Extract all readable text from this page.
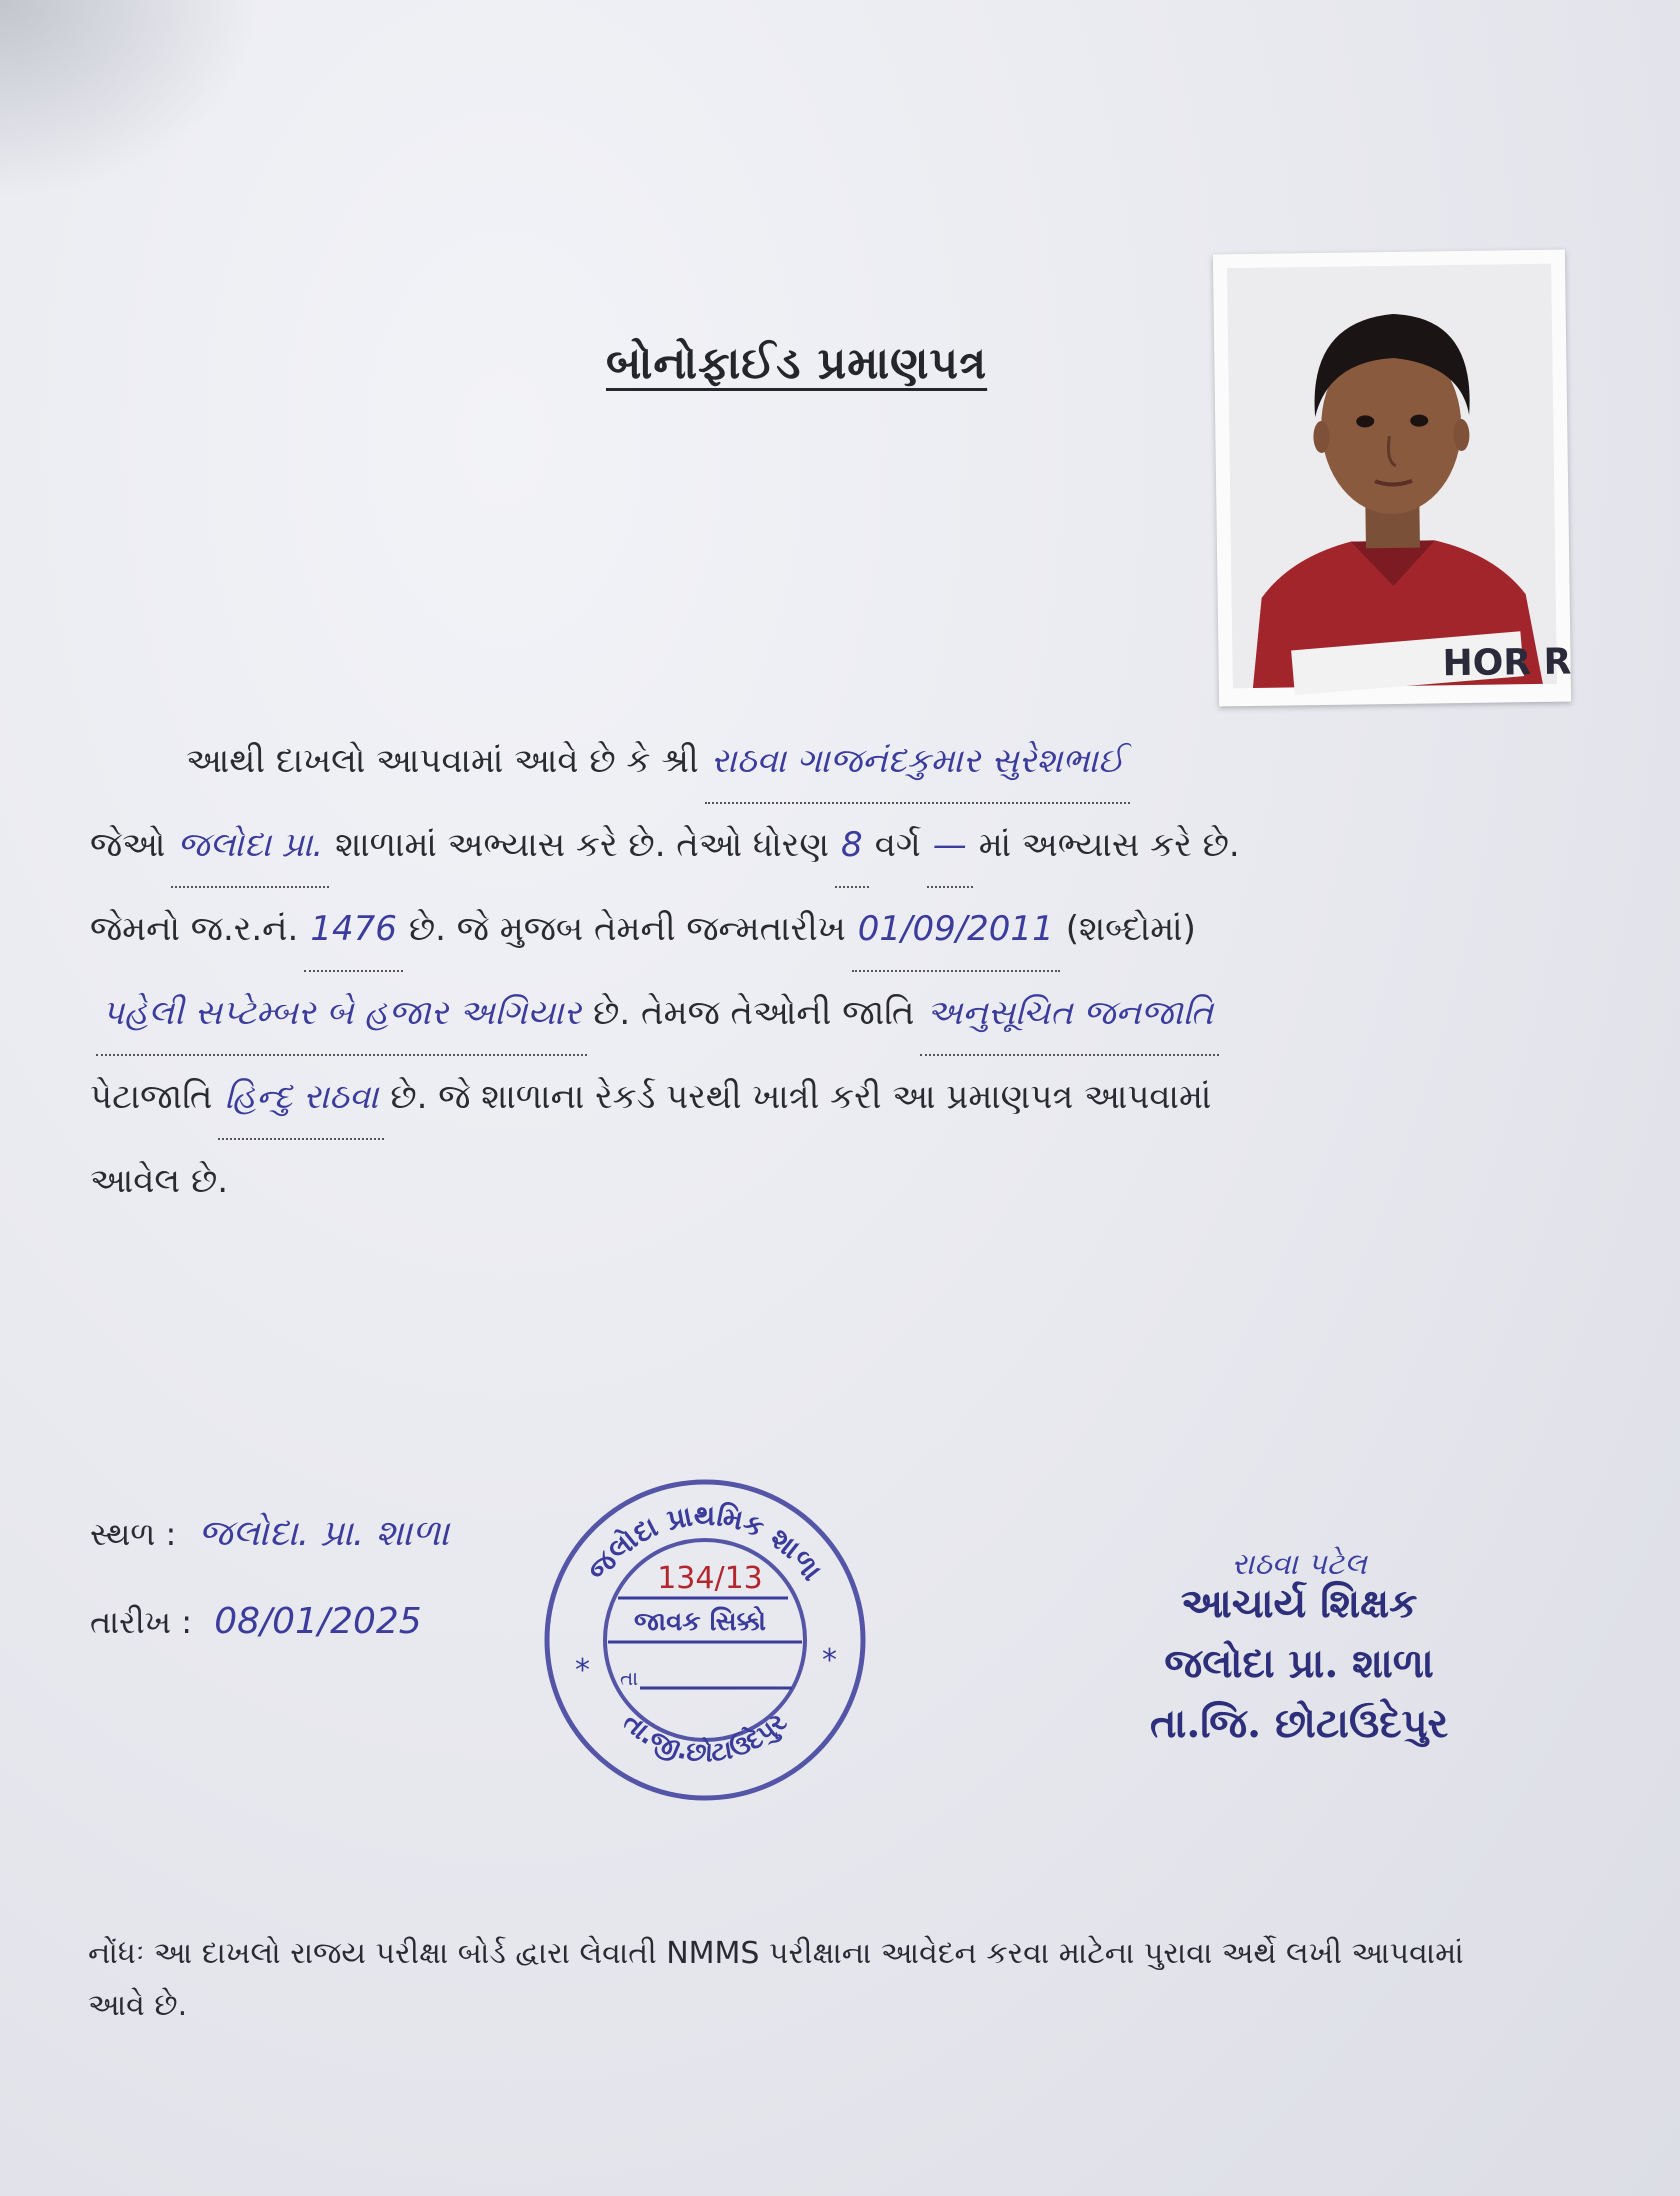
બોનોફાઈડ પ્રમાણપત્ર
HOR R
આથી દાખલો આપવામાં આવે છે કે શ્રી રાઠવા ગાજનંદકુમાર સુરેશભાઈ
જેઓ જલોદા પ્રા. શાળામાં અભ્યાસ કરે છે. તેઓ ધોરણ 8 વર્ગ — માં અભ્યાસ કરે છે.
જેમનો જ.ર.નં. 1476 છે. જે મુજબ તેમની જન્મતારીખ 01/09/2011 (શબ્દોમાં)
પહેલી સપ્ટેમ્બર બે હજાર અગિયાર છે. તેમજ તેઓની જાતિ અનુસૂચિત જનજાતિ
પેટાજાતિ હિન્દુ રાઠવા છે. જે શાળાના રેકર્ડ પરથી ખાત્રી કરી આ પ્રમાણપત્ર આપવામાં
આવેલ છે.
સ્થળ : જલોદા. પ્રા. શાળા
તારીખ : 08/01/2025
જલોદા પ્રાથમિક શાળા
તા.જી.છોટાઉદેપુર
134/13
જાવક સિક્કો
તા
*	*
રાઠવા પટેલ
આચાર્ય શિક્ષક
જલોદા પ્રા. શાળા
તા.જિ. છોટાઉદેપુર
નોંધઃ આ દાખલો રાજય પરીક્ષા બોર્ડ દ્વારા લેવાતી NMMS પરીક્ષાના આવેદન કરવા માટેના પુરાવા અર્થે લખી આપવામાં આવે છે.
